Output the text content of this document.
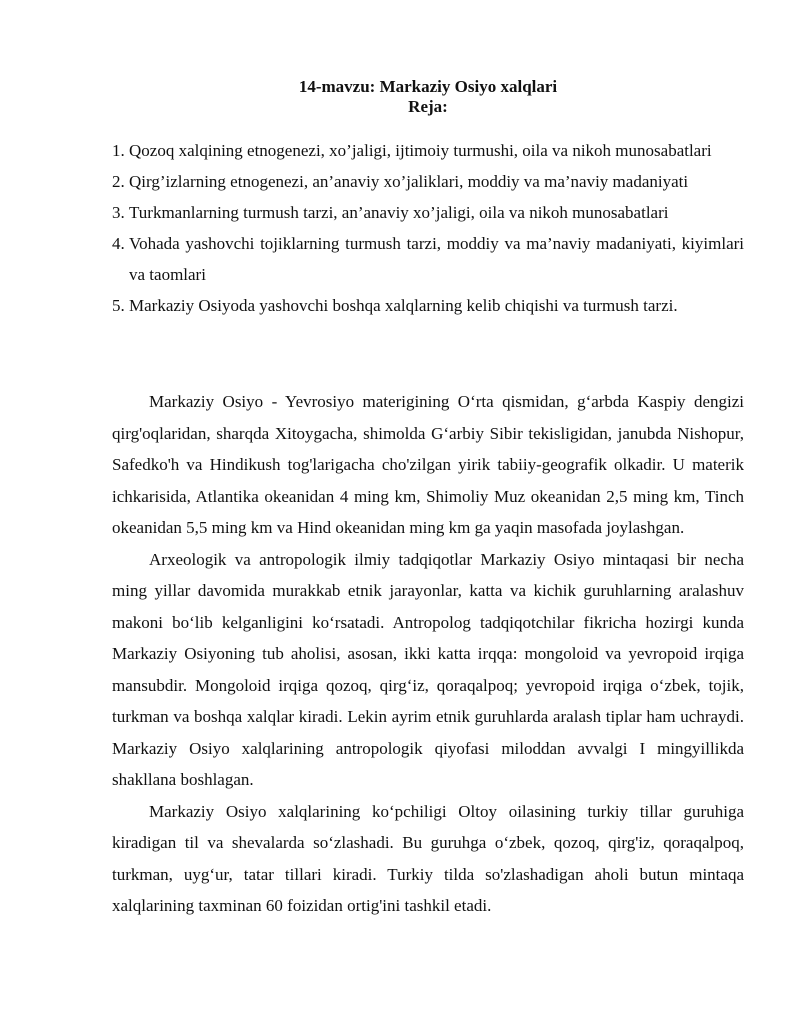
14-mavzu: Markaziy Osiyo xalqlari
Reja:
1. Qozoq xalqining etnogenezi, xo’jaligi, ijtimoiy turmushi, oila va nikoh munosabatlari
2. Qirg’izlarning etnogenezi, an’anaviy xo’jaliklari, moddiy va ma’naviy madaniyati
3. Turkmanlarning turmush tarzi, an’anaviy xo’jaligi, oila va nikoh munosabatlari
4. Vohada yashovchi tojiklarning turmush tarzi, moddiy va ma’naviy madaniyati, kiyimlari va taomlari
5. Markaziy Osiyoda yashovchi boshqa xalqlarning kelib chiqishi va turmush tarzi.

Markaziy Osiyo - Yevrosiyo materigining O‘rta qismidan, g‘arbda Kaspiy dengizi qirg'oqlaridan, sharqda Xitoygacha, shimolda G‘arbiy Sibir tekisligidan, janubda Nishopur, Safedko'h va Hindikush tog'larigacha cho'zilgan yirik tabiiy-geografik olkadir. U materik ichkarisida, Atlantika okeanidan 4 ming km, Shimoliy Muz okeanidan 2,5 ming km, Tinch okeanidan 5,5 ming km va Hind okeanidan ming km ga yaqin masofada joylashgan.

Arxeologik va antropologik ilmiy tadqiqotlar Markaziy Osiyo mintaqasi bir necha ming yillar davomida murakkab etnik jarayonlar, katta va kichik guruhlarning aralashuv makoni bo‘lib kelganligini ko‘rsatadi. Antropolog tadqiqotchilar fikricha hozirgi kunda Markaziy Osiyoning tub aholisi, asosan, ikki katta irqqa: mongoloid va yevropoid irqiga mansubdir. Mongoloid irqiga qozoq, qirg‘iz, qoraqalpoq; yevropoid irqiga o‘zbek, tojik, turkman va boshqa xalqlar kiradi. Lekin ayrim etnik guruhlarda aralash tiplar ham uchraydi. Markaziy Osiyo xalqlarining antropologik qiyofasi miloddan avvalgi I mingyillikda shakllana boshlagan.

Markaziy Osiyo xalqlarining ko‘pchiligi Oltoy oilasining turkiy tillar guruhiga kiradigan til va shevalarda so‘zlashadi. Bu guruhga o‘zbek, qozoq, qirg'iz, qoraqalpoq, turkman, uyg‘ur, tatar tillari kiradi. Turkiy tilda so'zlashadigan aholi butun mintaqa xalqlarining taxminan 60 foizidan ortig'ini tashkil etadi.
